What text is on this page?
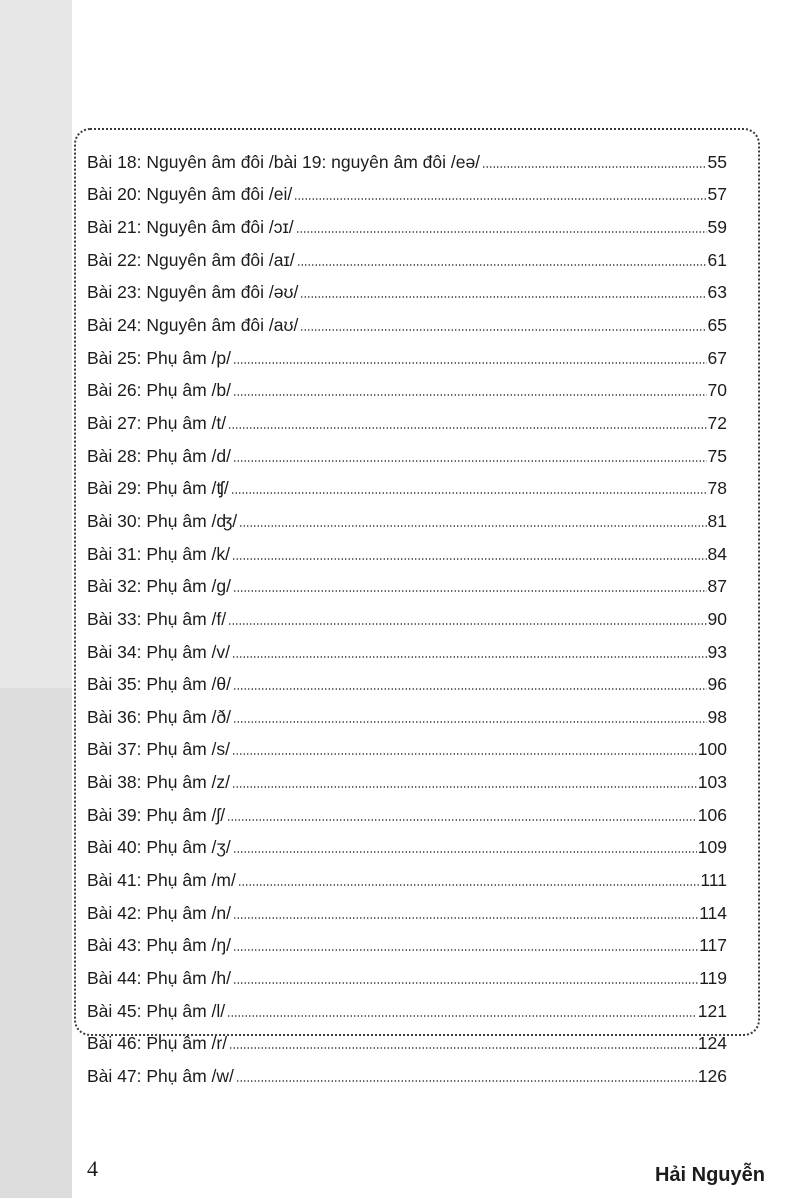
Bài 18: Nguyên âm đôi /bài 19: nguyên âm đôi /eə/	55
Bài 20: Nguyên âm đôi /ei/	57
Bài 21: Nguyên âm đôi /ɔɪ/	59
Bài 22: Nguyên âm đôi /aɪ/	61
Bài 23: Nguyên âm đôi /əʊ/	63
Bài 24: Nguyên âm đôi /aʊ/	65
Bài 25: Phụ âm /p/	67
Bài 26: Phụ âm /b/	70
Bài 27: Phụ âm /t/	72
Bài 28: Phụ âm /d/	75
Bài 29: Phụ âm /ʧ/	78
Bài 30: Phụ âm /ʤ/	81
Bài 31: Phụ âm /k/	84
Bài 32: Phụ âm /g/	87
Bài 33: Phụ âm /f/	90
Bài 34: Phụ âm /v/	93
Bài 35: Phụ âm /θ/	96
Bài 36: Phụ âm /ð/	98
Bài 37: Phụ âm /s/	100
Bài 38: Phụ âm /z/	103
Bài 39: Phụ âm /ʃ/	106
Bài 40: Phụ âm /ʒ/	109
Bài 41: Phụ âm /m/	111
Bài 42: Phụ âm /n/	114
Bài 43: Phụ âm /ŋ/	117
Bài 44: Phụ âm /h/	119
Bài 45: Phụ âm /l/	121
Bài 46: Phụ âm /r/	124
Bài 47: Phụ âm /w/	126
4	Hải Nguyễn
